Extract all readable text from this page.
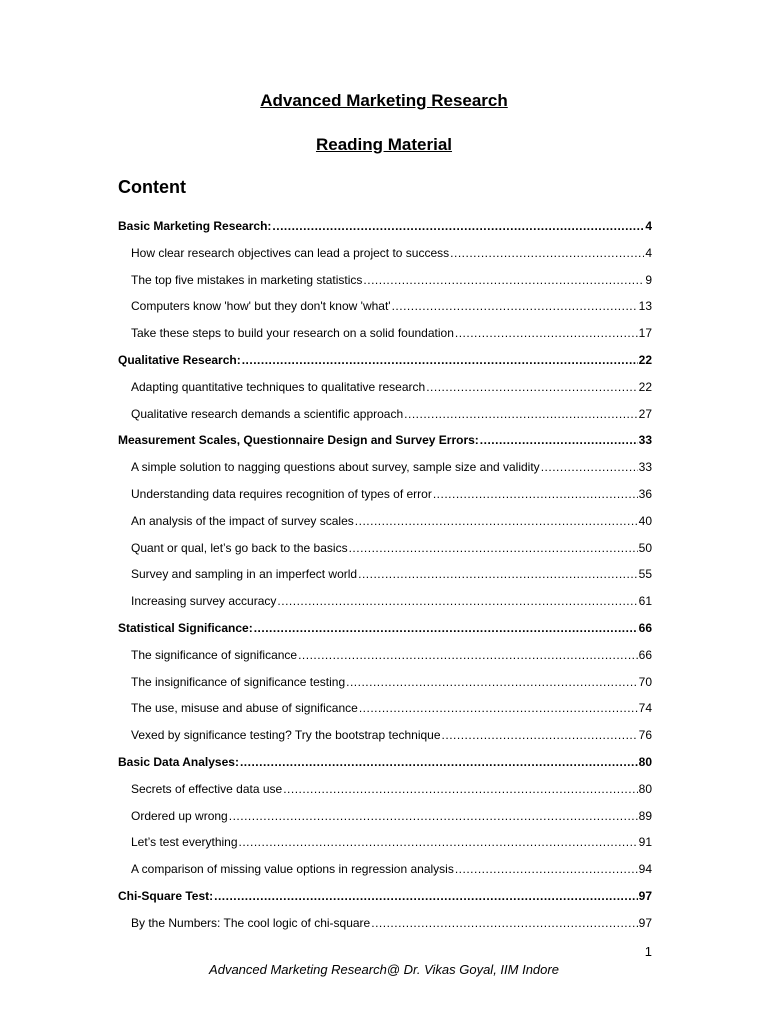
Advanced Marketing Research
Reading Material
Content
Basic Marketing Research: .....	4
How clear research objectives can lead a project to success .....	4
The top five mistakes in marketing statistics .....	9
Computers know 'how' but they don't know 'what' .....	13
Take these steps to build your research on a solid foundation .....	17
Qualitative Research: .....	22
Adapting quantitative techniques to qualitative research .....	22
Qualitative research demands a scientific approach .....	27
Measurement Scales, Questionnaire Design and Survey Errors: .....	33
A simple solution to nagging questions about survey, sample size and validity .....	33
Understanding data requires recognition of types of error .....	36
An analysis of the impact of survey scales .....	40
Quant or qual, let’s go back to the basics .....	50
Survey and sampling in an imperfect world .....	55
Increasing survey accuracy .....	61
Statistical Significance: .....	66
The significance of significance .....	66
The insignificance of significance testing .....	70
The use, misuse and abuse of significance .....	74
Vexed by significance testing? Try the bootstrap technique .....	76
Basic Data Analyses: .....	80
Secrets of effective data use .....	80
Ordered up wrong .....	89
Let’s test everything .....	91
A comparison of missing value options in regression analysis .....	94
Chi-Square Test: .....	97
By the Numbers: The cool logic of chi-square .....	97
1
Advanced Marketing Research@ Dr. Vikas Goyal, IIM Indore
